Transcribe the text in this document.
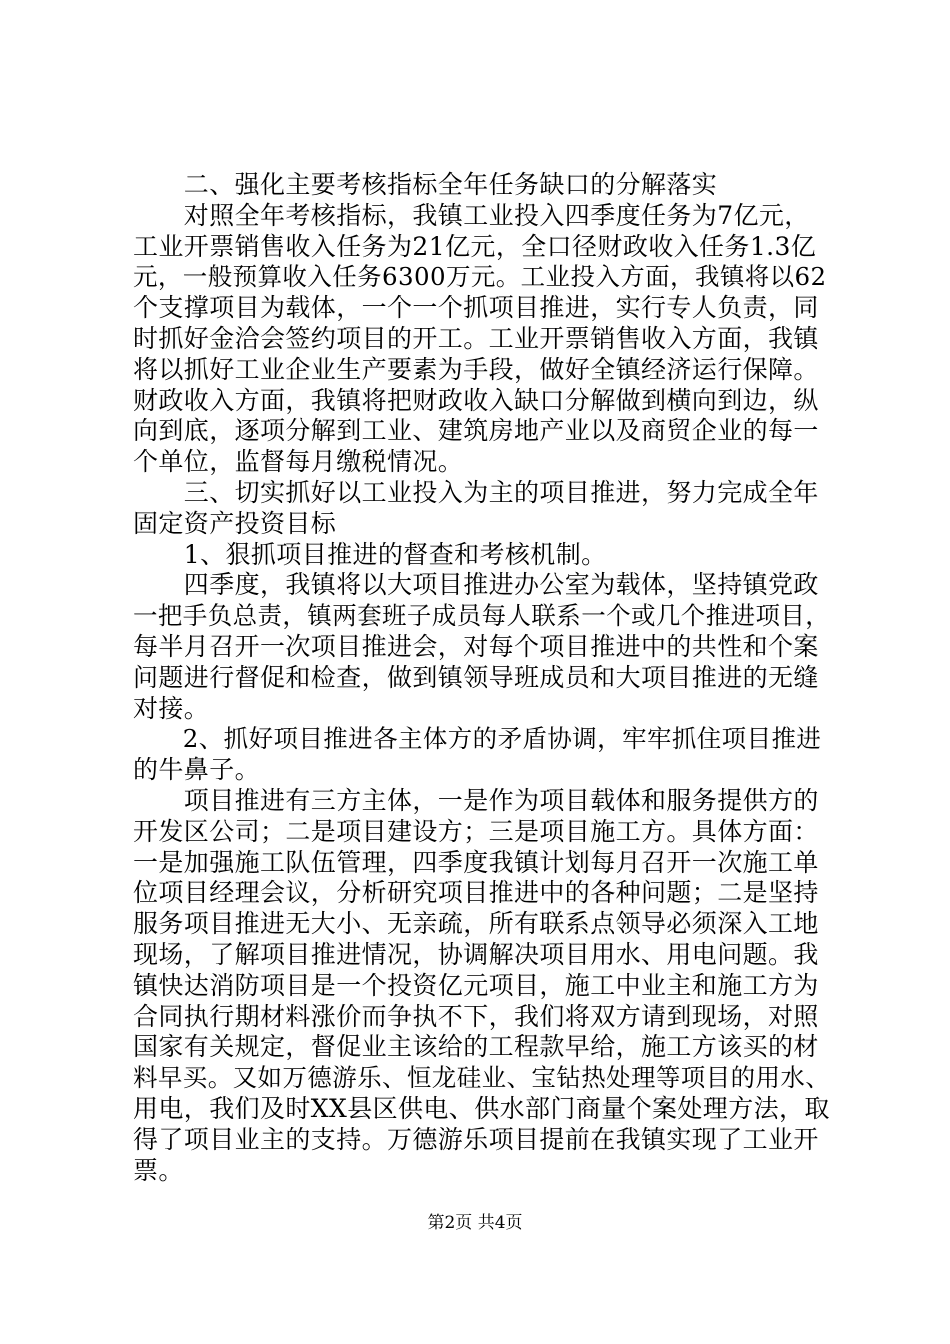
　　二、强化主要考核指标全年任务缺口的分解落实
　　对照全年考核指标，我镇工业投入四季度任务为7亿元，
工业开票销售收入任务为21亿元，全口径财政收入任务1.3亿
元，一般预算收入任务6300万元。工业投入方面，我镇将以62
个支撑项目为载体，一个一个抓项目推进，实行专人负责，同
时抓好金洽会签约项目的开工。工业开票销售收入方面，我镇
将以抓好工业企业生产要素为手段，做好全镇经济运行保障。
财政收入方面，我镇将把财政收入缺口分解做到横向到边，纵
向到底，逐项分解到工业、建筑房地产业以及商贸企业的每一
个单位，监督每月缴税情况。
　　三、切实抓好以工业投入为主的项目推进，努力完成全年
固定资产投资目标
　　1、狠抓项目推进的督查和考核机制。
　　四季度，我镇将以大项目推进办公室为载体，坚持镇党政
一把手负总责，镇两套班子成员每人联系一个或几个推进项目，
每半月召开一次项目推进会，对每个项目推进中的共性和个案
问题进行督促和检查，做到镇领导班成员和大项目推进的无缝
对接。
　　2、抓好项目推进各主体方的矛盾协调，牢牢抓住项目推进
的牛鼻子。
　　项目推进有三方主体，一是作为项目载体和服务提供方的
开发区公司；二是项目建设方；三是项目施工方。具体方面：
一是加强施工队伍管理，四季度我镇计划每月召开一次施工单
位项目经理会议，分析研究项目推进中的各种问题；二是坚持
服务项目推进无大小、无亲疏，所有联系点领导必须深入工地
现场，了解项目推进情况，协调解决项目用水、用电问题。我
镇快达消防项目是一个投资亿元项目，施工中业主和施工方为
合同执行期材料涨价而争执不下，我们将双方请到现场，对照
国家有关规定，督促业主该给的工程款早给，施工方该买的材
料早买。又如万德游乐、恒龙硅业、宝钻热处理等项目的用水、
用电，我们及时XX县区供电、供水部门商量个案处理方法，取
得了项目业主的支持。万德游乐项目提前在我镇实现了工业开
票。
第2页 共4页
